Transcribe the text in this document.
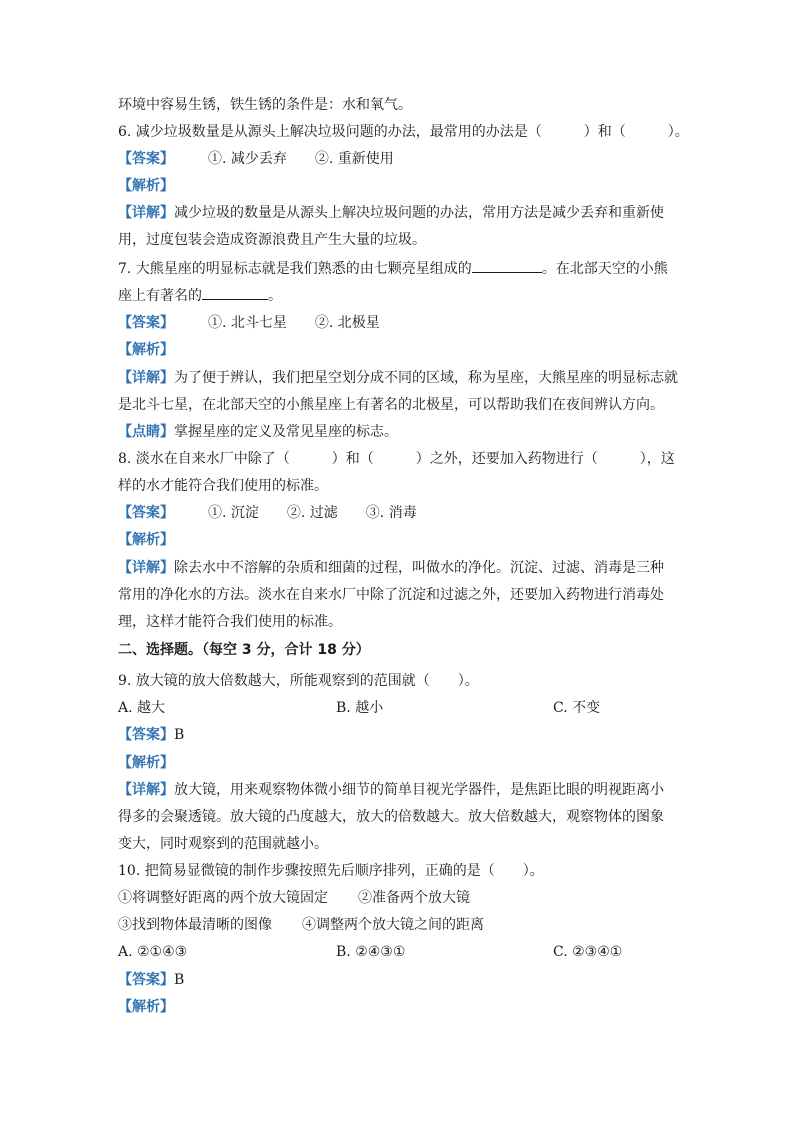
环境中容易生锈，铁生锈的条件是：水和氧气。
6. 减少垃圾数量是从源头上解决垃圾问题的办法，最常用的办法是（　　　）和（　　　）。
【答案】 ①. 减少丢弃　　②. 重新使用
【解析】
【详解】减少垃圾的数量是从源头上解决垃圾问题的办法，常用方法是减少丢弃和重新使
用，过度包装会造成资源浪费且产生大量的垃圾。
7. 大熊星座的明显标志就是我们熟悉的由七颗亮星组成的	。在北部天空的小熊
座上有著名的	。
【答案】 ①. 北斗七星　　②. 北极星
【解析】
【详解】为了便于辨认，我们把星空划分成不同的区域，称为星座，大熊星座的明显标志就
是北斗七星，在北部天空的小熊星座上有著名的北极星，可以帮助我们在夜间辨认方向。
【点睛】掌握星座的定义及常见星座的标志。
8. 淡水在自来水厂中除了（　　　）和（　　　）之外，还要加入药物进行（　　　），这
样的水才能符合我们使用的标准。
【答案】 ①. 沉淀　　②. 过滤　　③. 消毒
【解析】
【详解】除去水中不溶解的杂质和细菌的过程，叫做水的净化。沉淀、过滤、消毒是三种
常用的净化水的方法。淡水在自来水厂中除了沉淀和过滤之外，还要加入药物进行消毒处
理，这样才能符合我们使用的标准。
二、选择题。（每空 3 分，合计 18 分）
9. 放大镜的放大倍数越大，所能观察到的范围就（　　）。
A. 越大	B. 越小	C. 不变
【答案】B
【解析】
【详解】放大镜，用来观察物体微小细节的简单目视光学器件，是焦距比眼的明视距离小
得多的会聚透镜。放大镜的凸度越大，放大的倍数越大。放大倍数越大，观察物体的图象
变大，同时观察到的范围就越小。
10. 把简易显微镜的制作步骤按照先后顺序排列，正确的是（　　）。
①将调整好距离的两个放大镜固定 ②准备两个放大镜
③找到物体最清晰的图像 ④调整两个放大镜之间的距离
A. ②①④③	B. ②④③①	C. ②③④①
【答案】B
【解析】
